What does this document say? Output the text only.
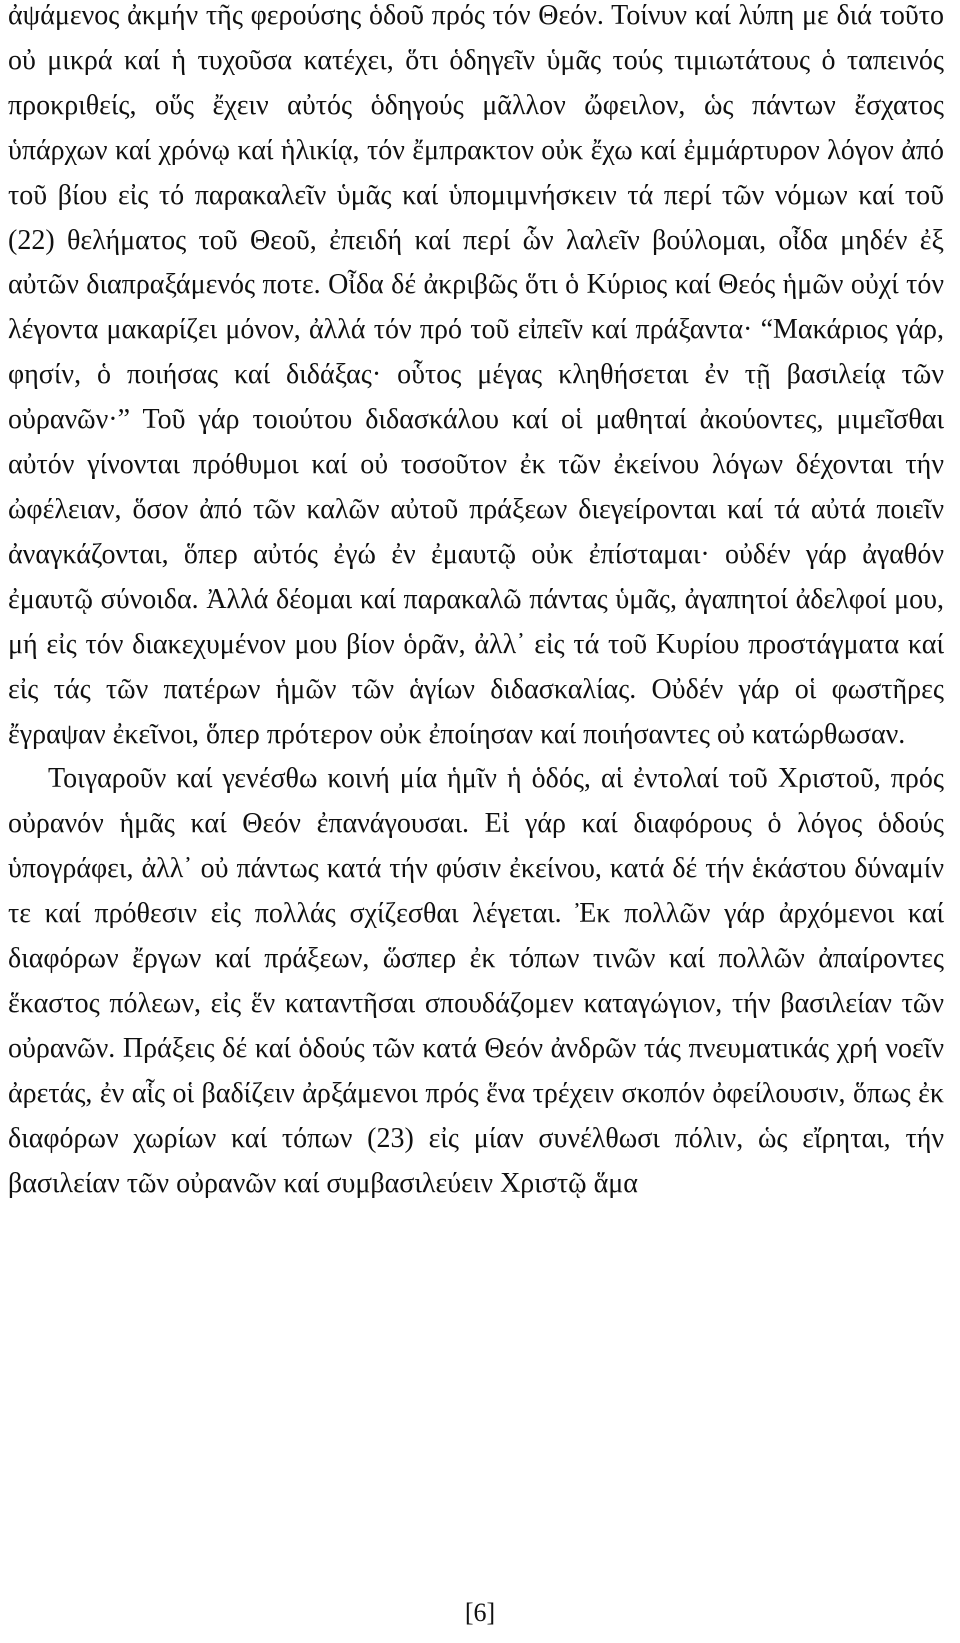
ἀψάμενος ἀκμήν τῆς φερούσης ὁδοῦ πρός τόν Θεόν. Τοίνυν καί λύπη με διά τοῦτο οὐ μικρά καί ἡ τυχοῦσα κατέχει, ὅτι ὁδηγεῖν ὑμᾶς τούς τιμιωτάτους ὁ ταπεινός προκριθείς, οὕς ἔχειν αὐτός ὁδηγούς μᾶλλον ὤφειλον, ὡς πάντων ἔσχατος ὑπάρχων καί χρόνῳ καί ἡλικίᾳ, τόν ἔμπρακτον οὐκ ἔχω καί ἐμμάρτυρον λόγον ἀπό τοῦ βίου εἰς τό παρακαλεῖν ὑμᾶς καί ὑπομιμνήσκειν τά περί τῶν νόμων καί τοῦ (22) θελήματος τοῦ Θεοῦ, ἐπειδή καί περί ὧν λαλεῖν βούλομαι, οἶδα μηδέν ἐξ αὐτῶν διαπραξάμενός ποτε. Οἶδα δέ ἀκριβῶς ὅτι ὁ Κύριος καί Θεός ἡμῶν οὐχί τόν λέγοντα μακαρίζει μόνον, ἀλλά τόν πρό τοῦ εἰπεῖν καί πράξαντα· “Μακάριος γάρ, φησίν, ὁ ποιήσας καί διδάξας· οὗτος μέγας κληθήσεται ἐν τῇ βασιλείᾳ τῶν οὐρανῶν·” Τοῦ γάρ τοιούτου διδασκάλου καί οἱ μαθηταί ἀκούοντες, μιμεῖσθαι αὐτόν γίνονται πρόθυμοι καί οὐ τοσοῦτον ἐκ τῶν ἐκείνου λόγων δέχονται τήν ὠφέλειαν, ὅσον ἀπό τῶν καλῶν αὐτοῦ πράξεων διεγείρονται καί τά αὐτά ποιεῖν ἀναγκάζονται, ὅπερ αὐτός ἐγώ ἐν ἐμαυτῷ οὐκ ἐπίσταμαι· οὐδέν γάρ ἀγαθόν ἐμαυτῷ σύνοιδα. Ἀλλά δέομαι καί παρακαλῶ πάντας ὑμᾶς, ἀγαπητοί ἀδελφοί μου, μή εἰς τόν διακεχυμένον μου βίον ὁρᾶν, ἀλλ᾽ εἰς τά τοῦ Κυρίου προστάγματα καί εἰς τάς τῶν πατέρων ἡμῶν τῶν ἁγίων διδασκαλίας. Οὐδέν γάρ οἱ φωστῆρες ἔγραψαν ἐκεῖνοι, ὅπερ πρότερον οὐκ ἐποίησαν καί ποιήσαντες οὐ κατώρθωσαν.

Τοιγαροῦν καί γενέσθω κοινή μία ἡμῖν ἡ ὁδός, αἱ ἐντολαί τοῦ Χριστοῦ, πρός οὐρανόν ἡμᾶς καί Θεόν ἐπανάγουσαι. Εἰ γάρ καί διαφόρους ὁ λόγος ὁδούς ὑπογράφει, ἀλλ᾽ οὐ πάντως κατά τήν φύσιν ἐκείνου, κατά δέ τήν ἑκάστου δύναμίν τε καί πρόθεσιν εἰς πολλάς σχίζεσθαι λέγεται. Ἐκ πολλῶν γάρ ἀρχόμενοι καί διαφόρων ἔργων καί πράξεων, ὥσπερ ἐκ τόπων τινῶν καί πολλῶν ἀπαίροντες ἕκαστος πόλεων, εἰς ἕν καταντῆσαι σπουδάζομεν καταγώγιον, τήν βασιλείαν τῶν οὐρανῶν. Πράξεις δέ καί ὁδούς τῶν κατά Θεόν ἀνδρῶν τάς πνευματικάς χρή νοεῖν ἀρετάς, ἐν αἷς οἱ βαδίζειν ἀρξάμενοι πρός ἕνα τρέχειν σκοπόν ὀφείλουσιν, ὅπως ἐκ διαφόρων χωρίων καί τόπων (23) εἰς μίαν συνέλθωσι πόλιν, ὡς εἴρηται, τήν βασιλείαν τῶν οὐρανῶν καί συμβασιλεύειν Χριστῷ ἅμα

[6]
